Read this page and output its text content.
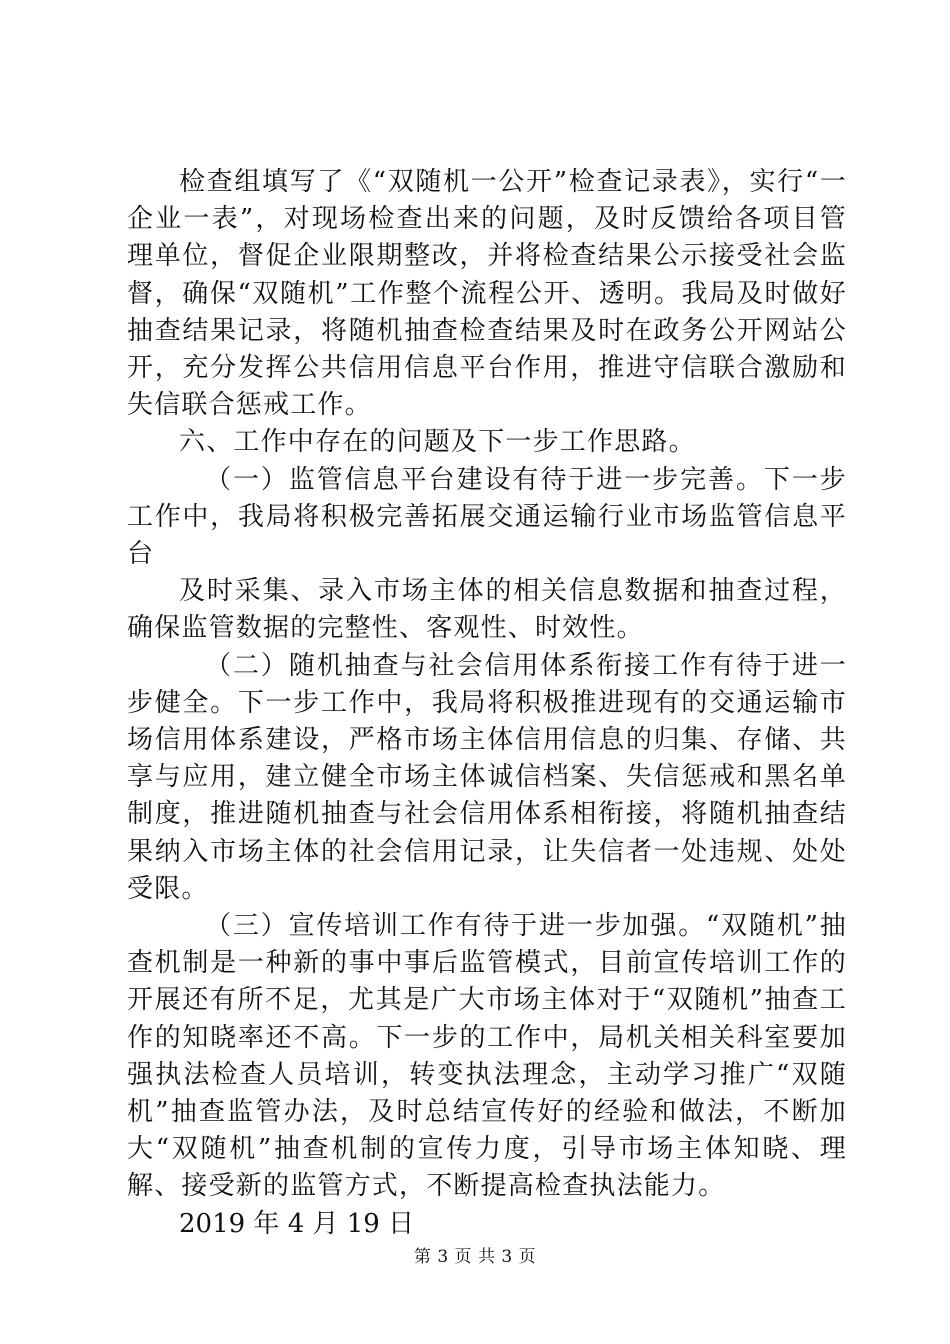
检查组填写了《“双随机一公开”检查记录表》，实行“一企业一表”，对现场检查出来的问题，及时反馈给各项目管理单位，督促企业限期整改，并将检查结果公示接受社会监督，确保“双随机”工作整个流程公开、透明。我局及时做好抽查结果记录，将随机抽查检查结果及时在政务公开网站公开，充分发挥公共信用信息平台作用，推进守信联合激励和失信联合惩戒工作。

六、工作中存在的问题及下一步工作思路。

（一）监管信息平台建设有待于进一步完善。下一步工作中，我局将积极完善拓展交通运输行业市场监管信息平台

及时采集、录入市场主体的相关信息数据和抽查过程，确保监管数据的完整性、客观性、时效性。

（二）随机抽查与社会信用体系衔接工作有待于进一步健全。下一步工作中，我局将积极推进现有的交通运输市场信用体系建设，严格市场主体信用信息的归集、存储、共享与应用，建立健全市场主体诚信档案、失信惩戒和黑名单制度，推进随机抽查与社会信用体系相衔接，将随机抽查结果纳入市场主体的社会信用记录，让失信者一处违规、处处受限。

（三）宣传培训工作有待于进一步加强。“双随机”抽查机制是一种新的事中事后监管模式，目前宣传培训工作的开展还有所不足，尤其是广大市场主体对于“双随机”抽查工作的知晓率还不高。下一步的工作中，局机关相关科室要加强执法检查人员培训，转变执法理念，主动学习推广“双随机”抽查监管办法，及时总结宣传好的经验和做法，不断加大“双随机”抽查机制的宣传力度，引导市场主体知晓、理解、接受新的监管方式，不断提高检查执法能力。

2019 年 4 月 19 日

第 3 页 共 3 页
